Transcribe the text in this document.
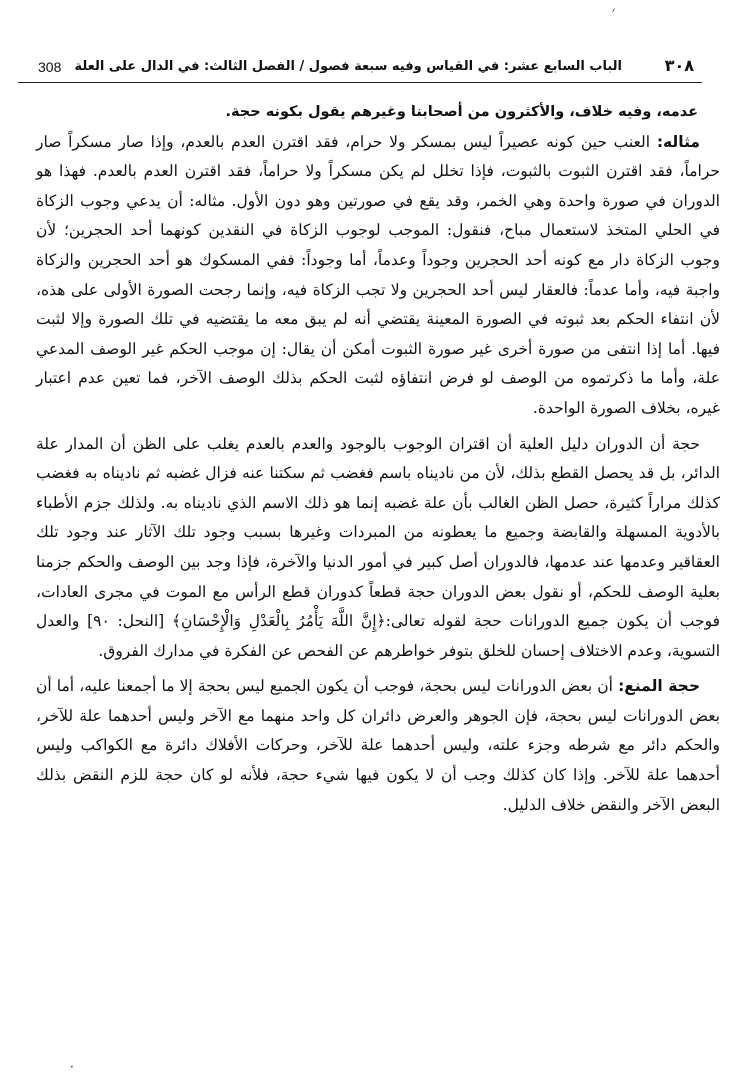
׳
٣٠٨
الباب السابع عشر: في القياس وفيه سبعة فصول / الفصل الثالث: في الدال على العلة
308

عدمه، وفيه خلاف، والأكثرون من أصحابنا وغيرهم يقول بكونه حجة.

مثاله: العنب حين كونه عصيراً ليس بمسكر ولا حرام، فقد اقترن العدم بالعدم، وإذا صار مسكراً صار حراماً، فقد اقترن الثبوت بالثبوت، فإذا تخلل لم يكن مسكراً ولا حراماً، فقد اقترن العدم بالعدم. فهذا هو الدوران في صورة واحدة وهي الخمر، وقد يقع في صورتين وهو دون الأول. مثاله: أن يدعي وجوب الزكاة في الحلي المتخذ لاستعمال مباح، فنقول: الموجب لوجوب الزكاة في النقدين كونهما أحد الحجرين؛ لأن وجوب الزكاة دار مع كونه أحد الحجرين وجوداً وعدماً، أما وجوداً: ففي المسكوك هو أحد الحجرين والزكاة واجبة فيه، وأما عدماً: فالعقار ليس أحد الحجرين ولا تجب الزكاة فيه، وإنما رجحت الصورة الأولى على هذه، لأن انتفاء الحكم بعد ثبوته في الصورة المعينة يقتضي أنه لم يبق معه ما يقتضيه في تلك الصورة وإلا لثبت فيها. أما إذا انتفى من صورة أخرى غير صورة الثبوت أمكن أن يقال: إن موجب الحكم غير الوصف المدعي علة، وأما ما ذكرتموه من الوصف لو فرض انتفاؤه لثبت الحكم بذلك الوصف الآخر، فما تعين عدم اعتبار غيره، بخلاف الصورة الواحدة.

حجة أن الدوران دليل العلية أن اقتران الوجوب بالوجود والعدم بالعدم يغلب على الظن أن المدار علة الدائر، بل قد يحصل القطع بذلك، لأن من ناديناه باسم فغضب ثم سكتنا عنه فزال غضبه ثم ناديناه به فغضب كذلك مراراً كثيرة، حصل الظن الغالب بأن علة غضبه إنما هو ذلك الاسم الذي ناديناه به. ولذلك جزم الأطباء بالأدوية المسهلة والقابضة وجميع ما يعطونه من المبردات وغيرها بسبب وجود تلك الآثار عند وجود تلك العقاقير وعدمها عند عدمها، فالدوران أصل كبير في أمور الدنيا والآخرة، فإذا وجد بين الوصف والحكم جزمنا بعلية الوصف للحكم، أو نقول بعض الدوران حجة قطعاً كدوران قطع الرأس مع الموت في مجرى العادات، فوجب أن يكون جميع الدورانات حجة لقوله تعالى:﴿إِنَّ اللَّهَ يَأْمُرُ بِالْعَدْلِ وَالْإِحْسَانِ﴾ [النحل: ٩٠] والعدل التسوية، وعدم الاختلاف إحسان للخلق بتوفر خواطرهم عن الفحص عن الفكرة في مدارك الفروق.

حجة المنع: أن بعض الدورانات ليس بحجة، فوجب أن يكون الجميع ليس بحجة إلا ما أجمعنا عليه، أما أن بعض الدورانات ليس بحجة، فإن الجوهر والعرض دائران كل واحد منهما مع الآخر وليس أحدهما علة للآخر، والحكم دائر مع شرطه وجزء علته، وليس أحدهما علة للآخر، وحركات الأفلاك دائرة مع الكواكب وليس أحدهما علة للآخر. وإذا كان كذلك وجب أن لا يكون فيها شيء حجة، فلأنه لو كان حجة للزم النقض بذلك البعض الآخر والنقض خلاف الدليل.

·
